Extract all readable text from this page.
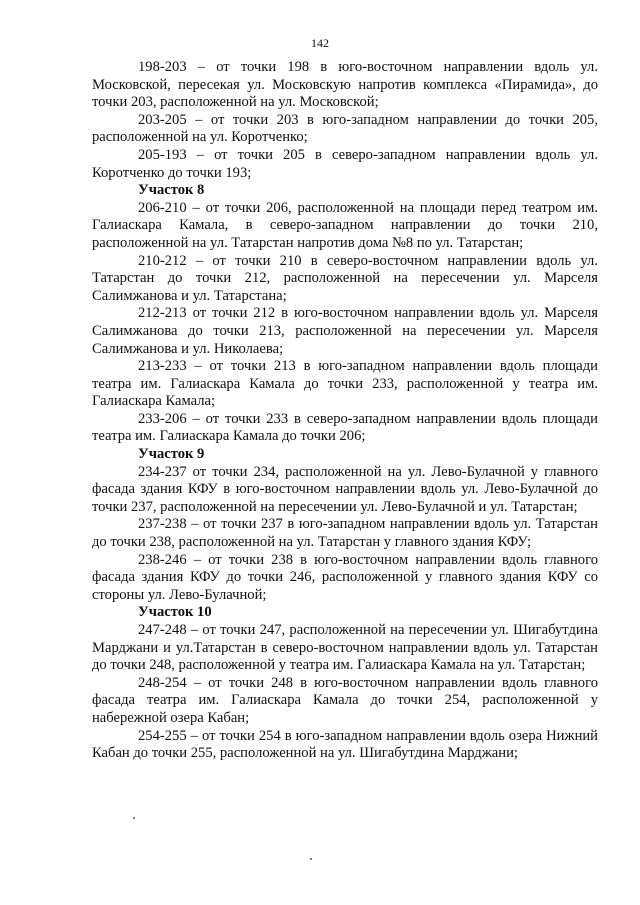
142

198-203 – от точки 198 в юго-восточном направлении вдоль ул. Московской, пересекая ул. Московскую напротив комплекса «Пирамида», до точки 203, расположенной на ул. Московской;

203-205 – от точки 203 в юго-западном направлении до точки 205, расположенной на ул. Коротченко;

205-193 – от точки 205 в северо-западном направлении вдоль ул. Коротченко до точки 193;

Участок 8

206-210 – от точки 206, расположенной на площади перед театром им. Галиаскара Камала, в северо-западном направлении до точки 210, расположенной на ул. Татарстан напротив дома №8 по ул. Татарстан;

210-212 – от точки 210 в северо-восточном направлении вдоль ул. Татарстан до точки 212, расположенной на пересечении ул. Марселя Салимжанова и ул. Татарстана;

212-213 от точки 212 в юго-восточном направлении вдоль ул. Марселя Салимжанова до точки 213, расположенной на пересечении ул. Марселя Салимжанова и ул. Николаева;

213-233 – от точки 213 в юго-западном направлении вдоль площади театра им. Галиаскара Камала до точки 233, расположенной у театра им. Галиаскара Камала;

233-206 – от точки 233 в северо-западном направлении вдоль площади театра им. Галиаскара Камала до точки 206;

Участок 9

234-237 от точки 234, расположенной на ул. Лево-Булачной у главного фасада здания КФУ в юго-восточном направлении вдоль ул. Лево-Булачной до точки 237, расположенной на пересечении ул. Лево-Булачной и ул. Татарстан;

237-238 – от точки 237 в юго-западном направлении вдоль ул. Татарстан до точки 238, расположенной на ул. Татарстан у главного здания КФУ;

238-246 – от точки 238 в юго-восточном направлении вдоль главного фасада здания КФУ до точки 246, расположенной у главного здания КФУ со стороны ул. Лево-Булачной;

Участок 10

247-248 – от точки 247, расположенной на пересечении ул. Шигабутдина Марджани и ул.Татарстан в северо-восточном направлении вдоль ул. Татарстан до точки 248, расположенной у театра им. Галиаскара Камала на ул. Татарстан;

248-254 – от точки 248 в юго-восточном направлении вдоль главного фасада театра им. Галиаскара Камала до точки 254, расположенной у набережной озера Кабан;

254-255 – от точки 254 в юго-западном направлении вдоль озера Нижний Кабан до точки 255, расположенной на ул. Шигабутдина Марджани;
